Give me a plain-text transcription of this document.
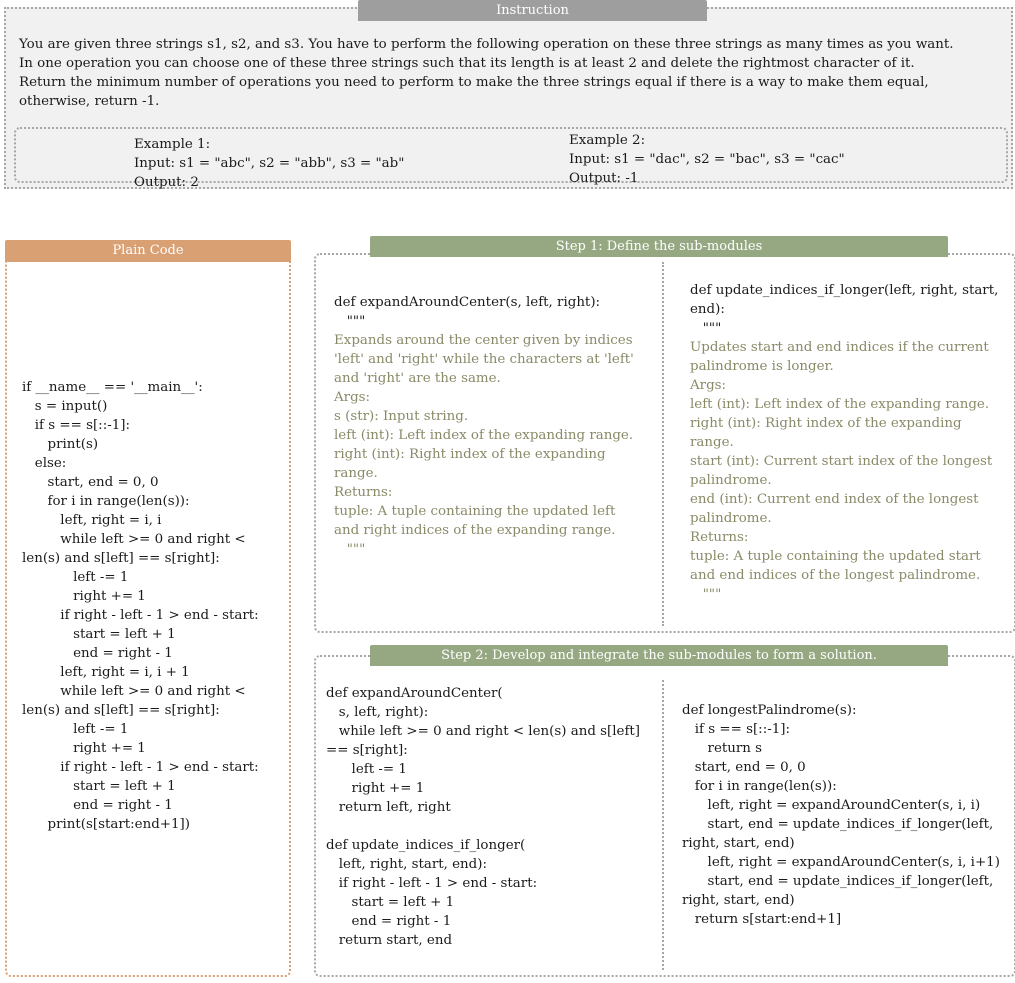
You are given three strings s1, s2, and s3. You have to perform the following operation on these three strings as many times as you want.
In one operation you can choose one of these three strings such that its length is at least 2 and delete the rightmost character of it.
Return the minimum number of operations you need to perform to make the three strings equal if there is a way to make them equal,
otherwise, return -1.
Example 1:
Input: s1 = "abc", s2 = "abb", s3 = "ab"
Output: 2
Example 2:
Input: s1 = "dac", s2 = "bac", s3 = "cac"
Output: -1
Instruction
if __name__ == '__main__':
s = input()
if s == s[::-1]:
print(s)
else:
start, end = 0, 0
for i in range(len(s)):
left, right = i, i
while left >= 0 and right <
len(s) and s[left] == s[right]:
left -= 1
right += 1
if right - left - 1 > end - start:
start = left + 1
end = right - 1
left, right = i, i + 1
while left >= 0 and right <
len(s) and s[left] == s[right]:
left -= 1
right += 1
if right - left - 1 > end - start:
start = left + 1
end = right - 1
print(s[start:end+1])
Plain Code
def expandAroundCenter(s, left, right):
"""
Expands around the center given by indices
'left' and 'right' while the characters at 'left'
and 'right' are the same.
Args:
s (str): Input string.
left (int): Left index of the expanding range.
right (int): Right index of the expanding
range.
Returns:
tuple: A tuple containing the updated left
and right indices of the expanding range.
"""
def update_indices_if_longer(left, right, start,
end):
"""
Updates start and end indices if the current
palindrome is longer.
Args:
left (int): Left index of the expanding range.
right (int): Right index of the expanding
range.
start (int): Current start index of the longest
palindrome.
end (int): Current end index of the longest
palindrome.
Returns:
tuple: A tuple containing the updated start
and end indices of the longest palindrome.
"""
Step 1: Define the sub-modules
def expandAroundCenter(
s, left, right):
while left >= 0 and right < len(s) and s[left]
== s[right]:
left -= 1
right += 1
return left, right

def update_indices_if_longer(
left, right, start, end):
if right - left - 1 > end - start:
start = left + 1
end = right - 1
return start, end
def longestPalindrome(s):
if s == s[::-1]:
return s
start, end = 0, 0
for i in range(len(s)):
left, right = expandAroundCenter(s, i, i)
start, end = update_indices_if_longer(left,
right, start, end)
left, right = expandAroundCenter(s, i, i+1)
start, end = update_indices_if_longer(left,
right, start, end)
return s[start:end+1]
Step 2: Develop and integrate the sub-modules to form a solution.
